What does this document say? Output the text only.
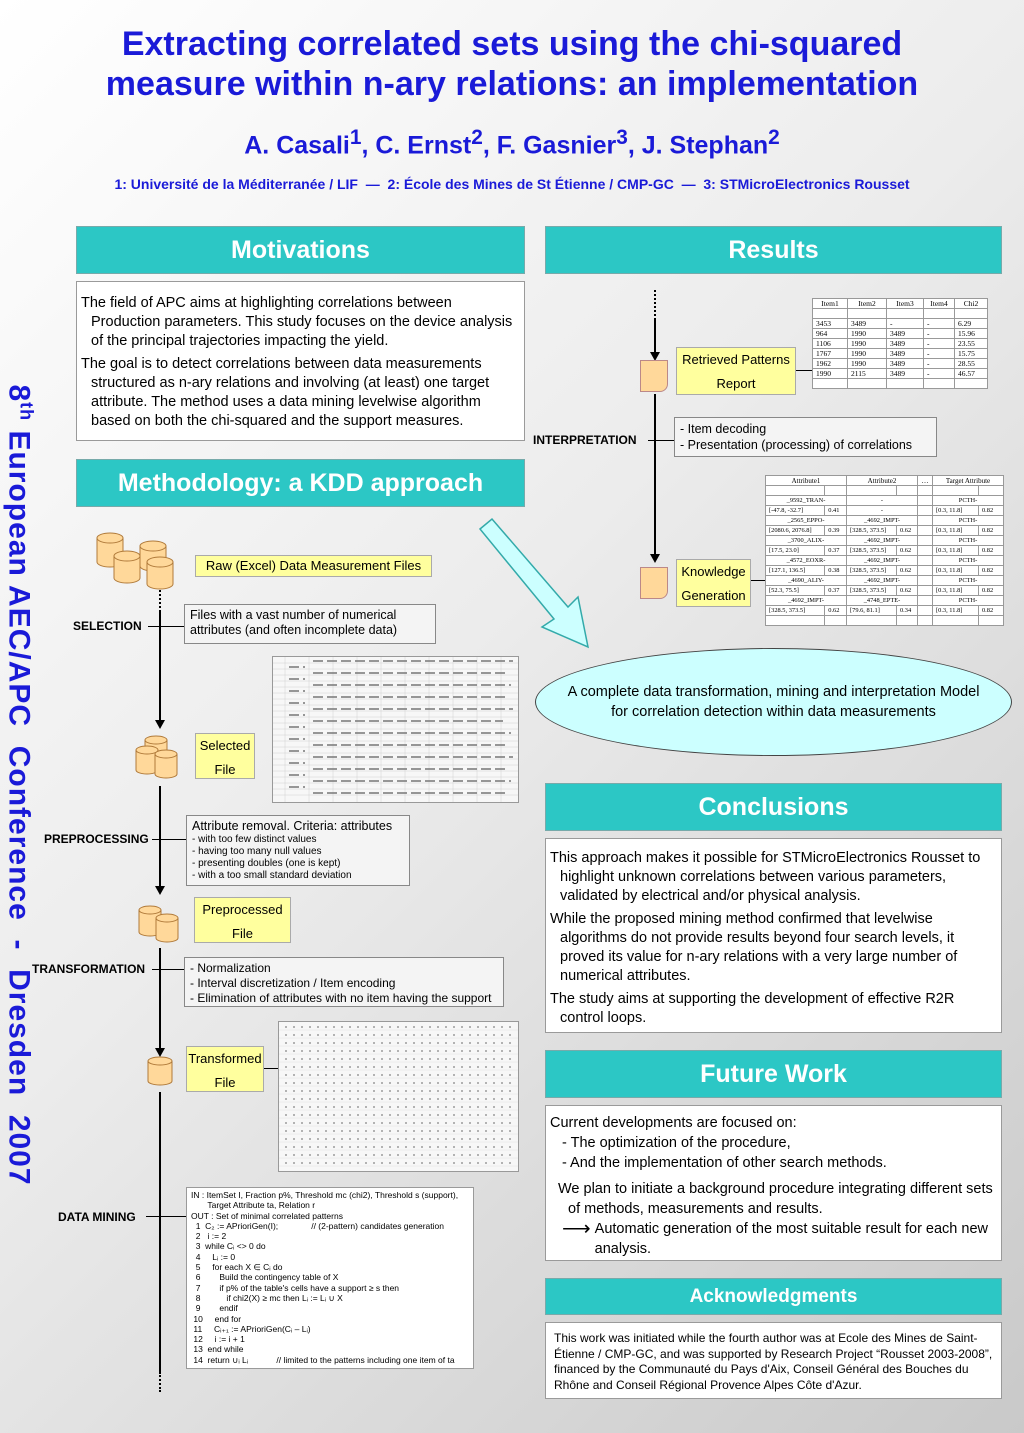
Extracting correlated sets using the chi-squared
measure within n-ary relations: an implementation
A. Casali$^1$, C. Ernst$^2$, F. Gasnier$^3$, J. Stephan$^2$
1: Université de la Méditerranée / LIF — 2: École des Mines de St Étienne / CMP-GC — 3: STMicroElectronics Rousset
8th European AEC/APC  Conference  -  Dresden  2007
Motivations

The field of APC aims at highlighting correlations between Production parameters. This study focuses on the device analysis of the principal trajectories impacting the yield.

The goal is to detect correlations between data measurements structured as n-ary relations and involving (at least) one target attribute. The method uses a data mining levelwise algorithm based on both the chi-squared and the support measures.

Methodology: a KDD approach
Raw (Excel) Data Measurement Files
SELECTION
Files with a vast number of numerical attributes (and often incomplete data)
Selected
File
PREPROCESSING
Attribute removal. Criteria: attributes
- with too few distinct values
- having too many null values
- presenting doubles (one is kept)
- with a too small standard deviation
Preprocessed
File
TRANSFORMATION	- Normalization
- Interval discretization / Item encoding
- Elimination of attributes with no item having the support
Transformed
File
DATA MINING
IN : ItemSet I, Fraction p%, Threshold mc (chi2), Threshold s (support),
Target Attribute ta, Relation r
OUT : Set of minimal correlated patterns
1  C₂ := APrioriGen(I);              // (2-pattern) candidates generation
2   i := 2
3  while Cᵢ <> 0 do
4     Lᵢ := 0
5     for each X ∈ Cᵢ do
6        Build the contingency table of X
7        if p% of the table's cells have a support ≥ s then
8           if chi2(X) ≥ mc then Lᵢ := Lᵢ ∪ X
9        endif
10     end for
11     Cᵢ₊₁ := APrioriGen(Cᵢ – Lᵢ)
12     i := i + 1
13  end while
14  return ∪ᵢ Lᵢ            // limited to the patterns including one item of ta
Results
Retrieved Patterns
Report
Item1	Item2	Item3	Item4	Chi2

3453	3489	-	-	6.29
964	1990	3489	-	15.96
1106	1990	3489	-	23.55
1767	1990	3489	-	15.75
1962	1990	3489	-	28.55
1990	2115	3489	-	46.57

INTERPRETATION
- Item decoding
- Presentation (processing) of correlations
Knowledge
Generation
Attribute1		Attribute2		…	Target Attribute	

_9592_TRAN-		-			PCTH-	
[-47.8, -32.7]	0.41	-			[0.3, 11.8]	0.82
_2565_EPPO-		_4692_IMPT-			PCTH-	
[2080.6, 2076.8]	0.39	[328.5, 373.5]	0.62		[0.3, 11.8]	0.82
_3700_ALIX-		_4692_IMPT-			PCTH-	
[17.5, 23.0]	0.37	[328.5, 373.5]	0.62		[0.3, 11.8]	0.82
_4572_EOXR-		_4692_IMPT-			PCTH-	
[127.1, 136.5]	0.38	[328.5, 373.5]	0.62		[0.3, 11.8]	0.82
_4690_ALIY-		_4692_IMPT-			PCTH-	
[52.3, 75.5]	0.37	[328.5, 373.5]	0.62		[0.3, 11.8]	0.82
_4692_IMPT-		_4748_EPTE-			PCTH-	
[328.5, 373.5]	0.62	[79.6, 81.1]	0.34		[0.3, 11.8]	0.82

A complete data transformation, mining and interpretation Model for correlation detection within data measurements
Conclusions

This approach makes it possible for STMicroElectronics Rousset to highlight unknown correlations between various parameters, validated by electrical and/or physical analysis.

While the proposed mining method confirmed that levelwise algorithms do not provide results beyond four search levels, it proved its value for n-ary relations with a very large number of numerical attributes.

The study aims at supporting the development of effective R2R control loops.

Future Work
Current developments are focused on:
- The optimization of the procedure,
- And the implementation of other search methods.
We plan to initiate a background procedure integrating different sets of methods, measurements and results.
⟶ Automatic generation of the most suitable result for each new analysis.
Acknowledgments
This work was initiated while the fourth author was at Ecole des Mines de Saint-Étienne / CMP-GC, and was supported by Research Project “Rousset 2003-2008”, financed by the Communauté du Pays d'Aix, Conseil Général des Bouches du Rhône and Conseil Régional Provence Alpes Côte d'Azur.
